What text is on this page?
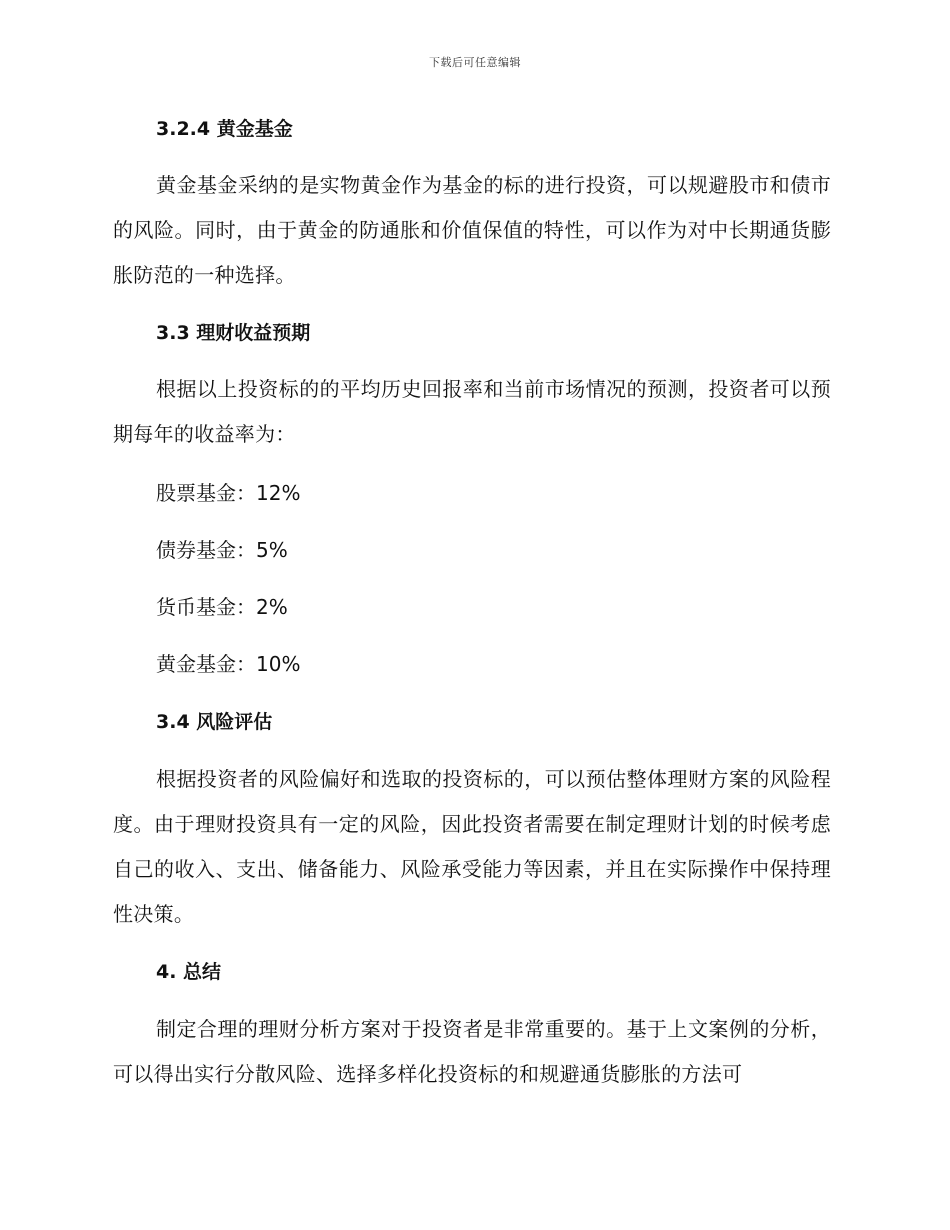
下载后可任意编辑
3.2.4 黄金基金
黄金基金采纳的是实物黄金作为基金的标的进行投资，可以规避股市和债市的风险。同时，由于黄金的防通胀和价值保值的特性，可以作为对中长期通货膨胀防范的一种选择。
3.3 理财收益预期
根据以上投资标的的平均历史回报率和当前市场情况的预测，投资者可以预期每年的收益率为：
股票基金：12%
债券基金：5%
货币基金：2%
黄金基金：10%
3.4 风险评估
根据投资者的风险偏好和选取的投资标的，可以预估整体理财方案的风险程度。由于理财投资具有一定的风险，因此投资者需要在制定理财计划的时候考虑自己的收入、支出、储备能力、风险承受能力等因素，并且在实际操作中保持理性决策。
4. 总结
制定合理的理财分析方案对于投资者是非常重要的。基于上文案例的分析，可以得出实行分散风险、选择多样化投资标的和规避通货膨胀的方法可
